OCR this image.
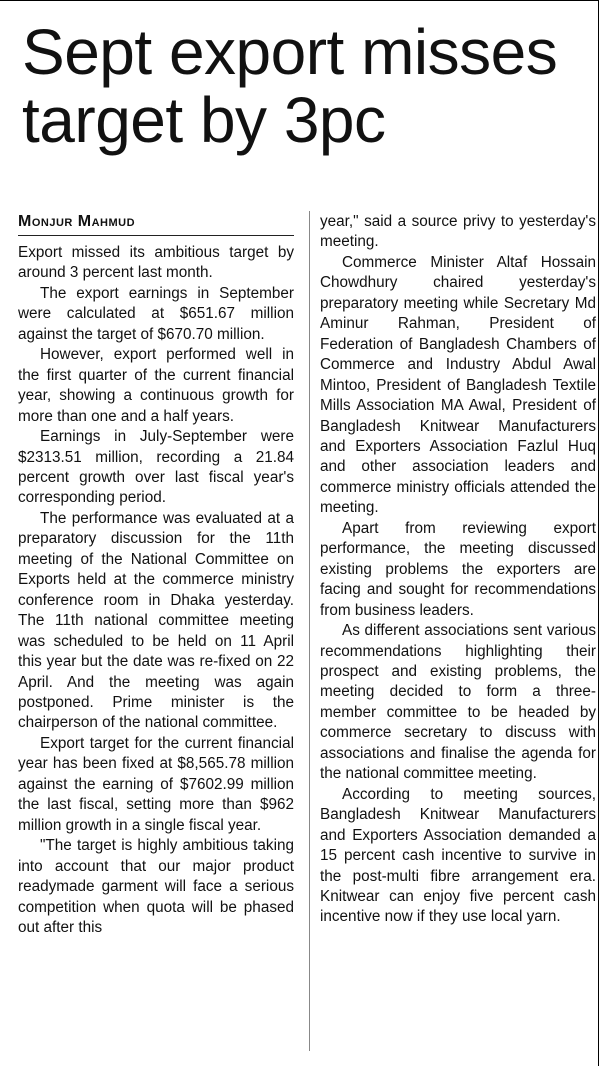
Sept export misses target by 3pc
Monjur Mahmud

Export missed its ambitious target by around 3 percent last month.

The export earnings in September were calculated at $651.67 million against the target of $670.70 million.

However, export performed well in the first quarter of the current financial year, showing a continuous growth for more than one and a half years.

Earnings in July-September were $2313.51 million, recording a 21.84 percent growth over last fiscal year's corresponding period.

The performance was evaluated at a preparatory discussion for the 11th meeting of the National Committee on Exports held at the commerce ministry conference room in Dhaka yesterday. The 11th national committee meeting was scheduled to be held on 11 April this year but the date was re-fixed on 22 April. And the meeting was again postponed. Prime minister is the chairperson of the national committee.

Export target for the current financial year has been fixed at $8,565.78 million against the earning of $7602.99 million the last fiscal, setting more than $962 million growth in a single fiscal year.

"The target is highly ambitious taking into account that our major product readymade garment will face a serious competition when quota will be phased out after this

year," said a source privy to yesterday's meeting.

Commerce Minister Altaf Hossain Chowdhury chaired yesterday's preparatory meeting while Secretary Md Aminur Rahman, President of Federation of Bangladesh Chambers of Commerce and Industry Abdul Awal Mintoo, President of Bangladesh Textile Mills Association MA Awal, President of Bangladesh Knitwear Manufacturers and Exporters Association Fazlul Huq and other association leaders and commerce ministry officials attended the meeting.

Apart from reviewing export performance, the meeting discussed existing problems the exporters are facing and sought for recommendations from business leaders.

As different associations sent various recommendations highlighting their prospect and existing problems, the meeting decided to form a three-member committee to be headed by commerce secretary to discuss with associations and finalise the agenda for the national committee meeting.

According to meeting sources, Bangladesh Knitwear Manufacturers and Exporters Association demanded a 15 percent cash incentive to survive in the post-multi fibre arrangement era. Knitwear can enjoy five percent cash incentive now if they use local yarn.
